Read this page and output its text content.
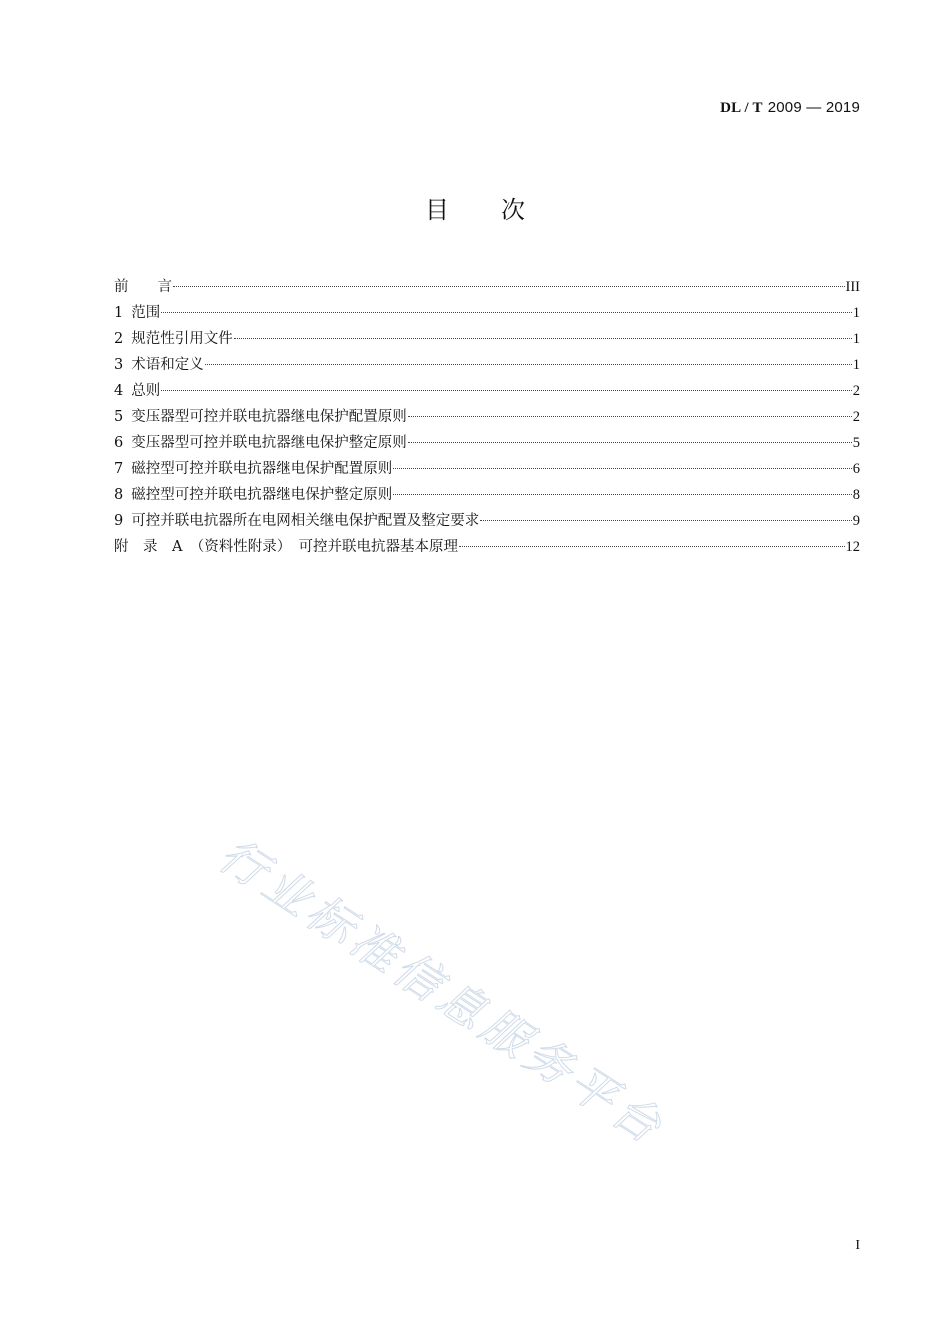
DL / T 2009 — 2019
目 次
前　　言	III
1 范围	1
2 规范性引用文件	1
3 术语和定义	1
4 总则	2
5 变压器型可控并联电抗器继电保护配置原则	2
6 变压器型可控并联电抗器继电保护整定原则	5
7 磁控型可控并联电抗器继电保护配置原则	6
8 磁控型可控并联电抗器继电保护整定原则	8
9 可控并联电抗器所在电网相关继电保护配置及整定要求	9
附　录　A　（资料性附录）　可控并联电抗器基本原理	12
行业标准信息服务平台
I
